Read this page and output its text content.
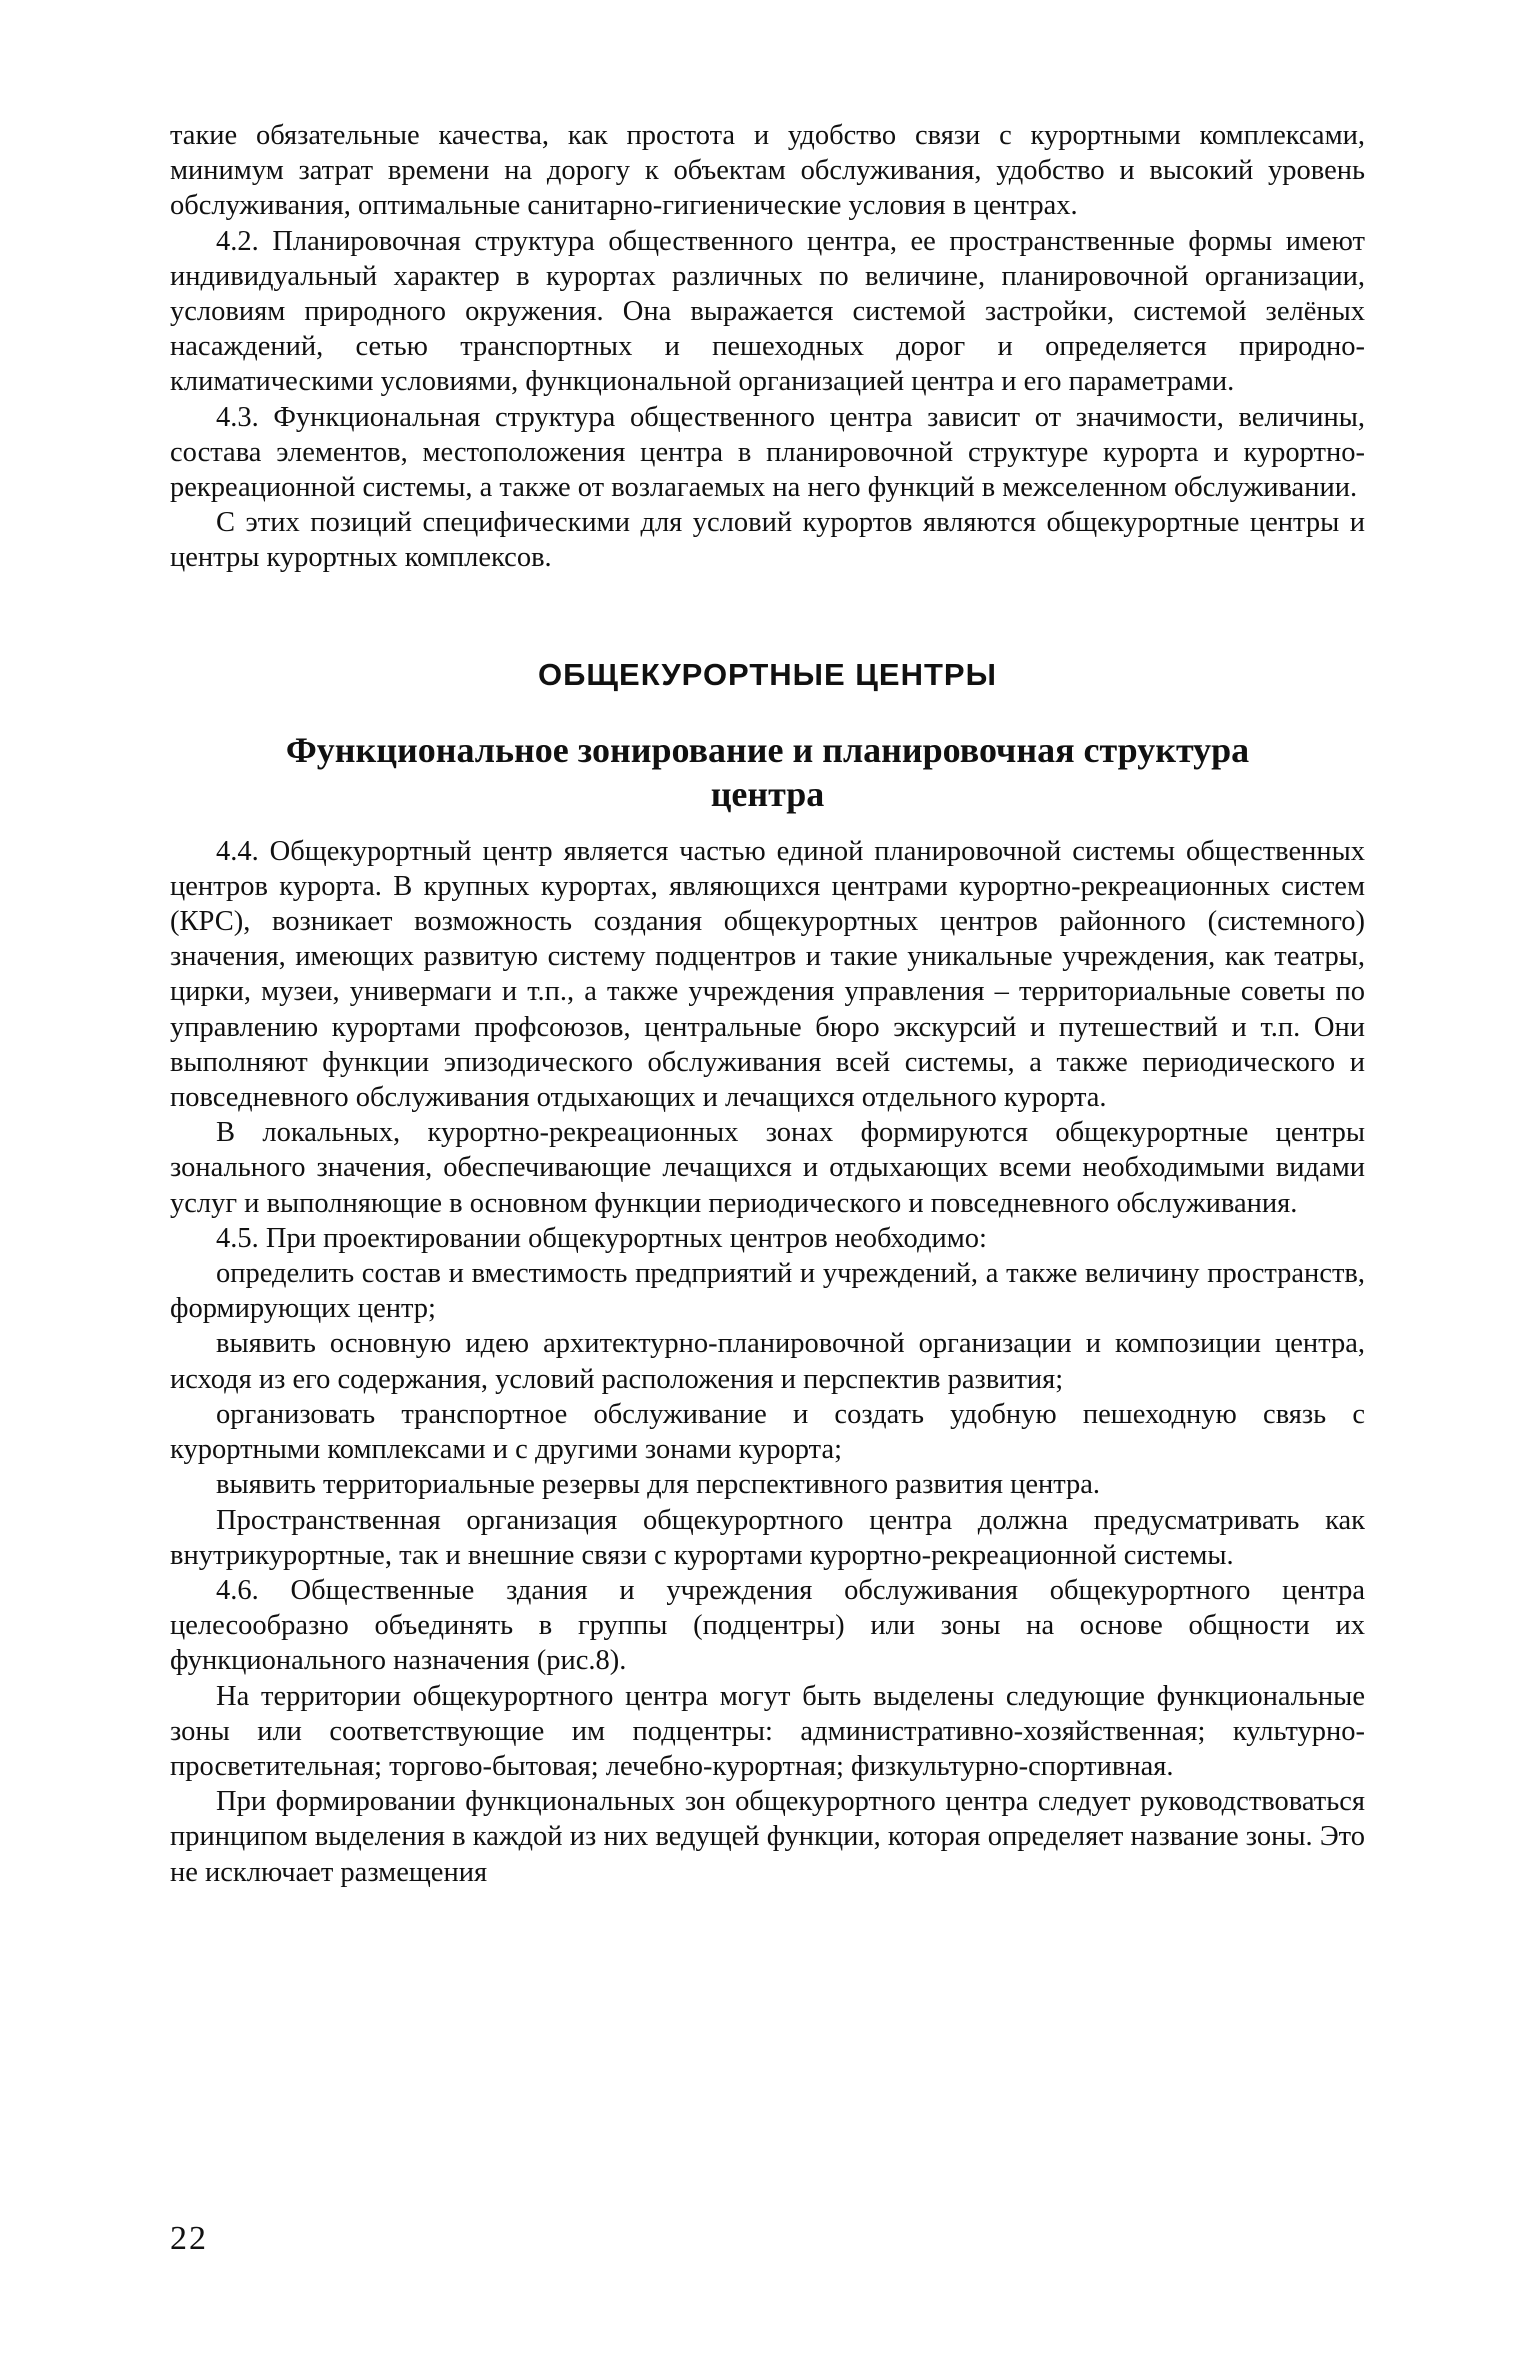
такие обязательные качества, как простота и удобство связи с курортными комплексами, минимум затрат времени на дорогу к объектам обслуживания, удобство и высокий уровень обслуживания, оптимальные санитарно-гигиенические условия в центрах.

4.2. Планировочная структура общественного центра, ее пространственные формы имеют индивидуальный характер в курортах различных по величине, планировочной организации, условиям природного окружения. Она выражается системой застройки, системой зелёных насаждений, сетью транспортных и пешеходных дорог и определяется природно-климатическими условиями, функциональной организацией центра и его параметрами.

4.3. Функциональная структура общественного центра зависит от значимости, величины, состава элементов, местоположения центра в планировочной структуре курорта и курортно-рекреационной системы, а также от возлагаемых на него функций в межселенном обслуживании.

С этих позиций специфическими для условий курортов являются общекурортные центры и центры курортных комплексов.

ОБЩЕКУРОРТНЫЕ ЦЕНТРЫ
Функциональное зонирование и планировочная структура
центра

4.4. Общекурортный центр является частью единой планировочной системы общественных центров курорта. В крупных курортах, являющихся центрами курортно-рекреационных систем (КРС), возникает возможность создания общекурортных центров районного (системного) значения, имеющих развитую систему подцентров и такие уникальные учреждения, как театры, цирки, музеи, универмаги и т.п., а также учреждения управления – территориальные советы по управлению курортами профсоюзов, центральные бюро экскурсий и путешествий и т.п. Они выполняют функции эпизодического обслуживания всей системы, а также периодического и повседневного обслуживания отдыхающих и лечащихся отдельного курорта.

В локальных, курортно-рекреационных зонах формируются общекурортные центры зонального значения, обеспечивающие лечащихся и отдыхающих всеми необходимыми видами услуг и выполняющие в основном функции периодического и повседневного обслуживания.

4.5. При проектировании общекурортных центров необходимо:

определить состав и вместимость предприятий и учреждений, а также величину пространств, формирующих центр;

выявить основную идею архитектурно-планировочной организации и композиции центра, исходя из его содержания, условий расположения и перспектив развития;

организовать транспортное обслуживание и создать удобную пешеходную связь с курортными комплексами и с другими зонами курорта;

выявить территориальные резервы для перспективного развития центра.

Пространственная организация общекурортного центра должна предусматривать как внутрикурортные, так и внешние связи с курортами курортно-рекреационной системы.

4.6. Общественные здания и учреждения обслуживания общекурортного центра целесообразно объединять в группы (подцентры) или зоны на основе общности их функционального назначения (рис.8).

На территории общекурортного центра могут быть выделены следующие функциональные зоны или соответствующие им подцентры: административно-хозяйственная; культурно-просветительная; торгово-бытовая; лечебно-курортная; физкультурно-спортивная.

При формировании функциональных зон общекурортного центра следует руководствоваться принципом выделения в каждой из них ведущей функции, которая определяет название зоны. Это не исключает размещения

22
